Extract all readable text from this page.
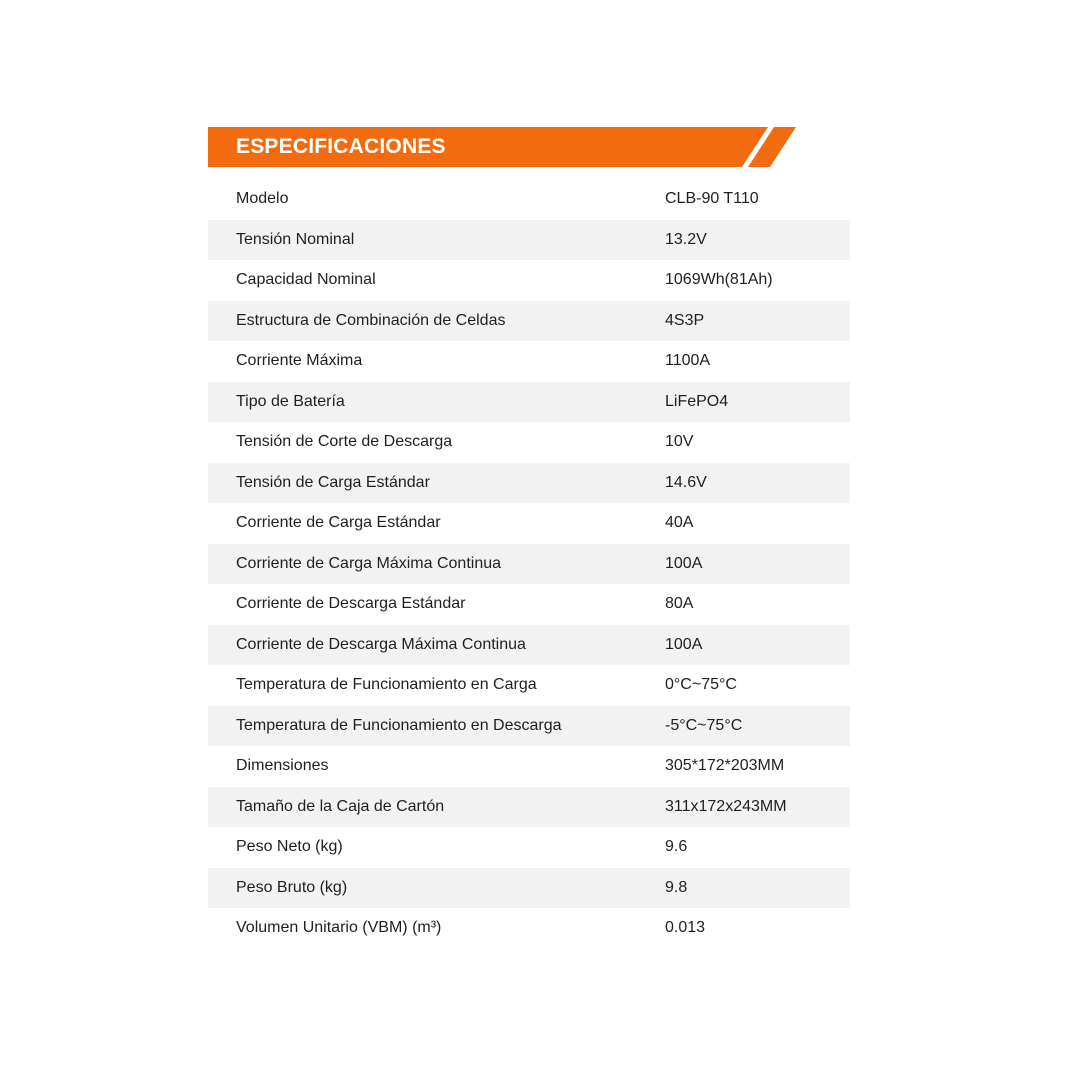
ESPECIFICACIONES
Modelo	CLB-90 T110
Tensión Nominal	13.2V
Capacidad Nominal	1069Wh(81Ah)
Estructura de Combinación de Celdas	4S3P
Corriente Máxima	1100A
Tipo de Batería	LiFePO4
Tensión de Corte de Descarga	10V
Tensión de Carga Estándar	14.6V
Corriente de Carga Estándar	40A
Corriente de Carga Máxima Continua	100A
Corriente de Descarga Estándar	80A
Corriente de Descarga Máxima Continua	100A
Temperatura de Funcionamiento en Carga	0°C~75°C
Temperatura de Funcionamiento en Descarga	-5°C~75°C
Dimensiones	305*172*203MM
Tamaño de la Caja de Cartón	311x172x243MM
Peso Neto (kg)	9.6
Peso Bruto (kg)	9.8
Volumen Unitario (VBM) (m³)	0.013
